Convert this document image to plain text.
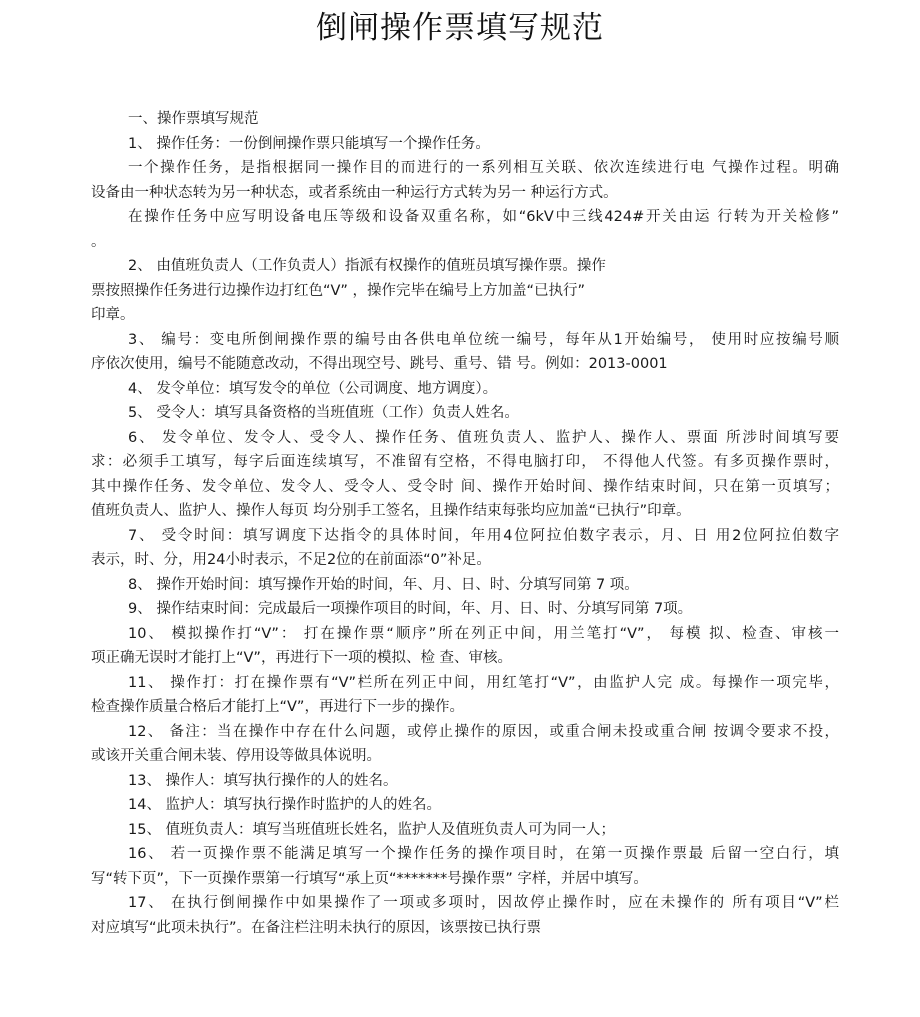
倒闸操作票填写规范
一、操作票填写规范
1、 操作任务：一份倒闸操作票只能填写一个操作任务。
一个操作任务，是指根据同一操作目的而进行的一系列相互关联、依次连续进行电 气操作过程。明确
设备由一种状态转为另一种状态，或者系统由一种运行方式转为另一 种运行方式。
在操作任务中应写明设备电压等级和设备双重名称，如“6kV中三线424#开关由运 行转为开关检修”
。
2、 由值班负责人（工作负责人）指派有权操作的值班员填写操作票。操作
票按照操作任务进行边操作边打红色“V” ，操作完毕在编号上方加盖“已执行”
印章。
3、 编号：变电所倒闸操作票的编号由各供电单位统一编号，每年从1开始编号， 使用时应按编号顺
序依次使用，编号不能随意改动，不得出现空号、跳号、重号、错 号。例如：2013-0001
4、 发令单位：填写发令的单位（公司调度、地方调度）。
5、 受令人：填写具备资格的当班值班（工作）负责人姓名。
6、 发令单位、发令人、受令人、操作任务、值班负责人、监护人、操作人、票面 所涉时间填写要
求：必须手工填写，每字后面连续填写，不准留有空格，不得电脑打印， 不得他人代签。有多页操作票时，
其中操作任务、发令单位、发令人、受令人、受令时 间、操作开始时间、操作结束时间，只在第一页填写；
值班负责人、监护人、操作人每页 均分别手工签名，且操作结束每张均应加盖“已执行”印章。
7、 受令时间：填写调度下达指令的具体时间，年用4位阿拉伯数字表示，月、日 用2位阿拉伯数字
表示，时、分，用24小时表示，不足2位的在前面添“0”补足。
8、 操作开始时间：填写操作开始的时间，年、月、日、时、分填写同第 7 项。
9、 操作结束时间：完成最后一项操作项目的时间，年、月、日、时、分填写同第 7项。
10、 模拟操作打“V”： 打在操作票“顺序”所在列正中间，用兰笔打“V”， 每模 拟、检查、审核一
项正确无误时才能打上“V”，再进行下一项的模拟、检 查、审核。
11、 操作打：打在操作票有“V”栏所在列正中间，用红笔打“V”，由监护人完 成。每操作一项完毕，
检查操作质量合格后才能打上“V”，再进行下一步的操作。
12、 备注：当在操作中存在什么问题，或停止操作的原因，或重合闸未投或重合闸 按调令要求不投，
或该开关重合闸未装、停用设等做具体说明。
13、 操作人：填写执行操作的人的姓名。
14、 监护人：填写执行操作时监护的人的姓名。
15、 值班负责人：填写当班值班长姓名，监护人及值班负责人可为同一人；
16、 若一页操作票不能满足填写一个操作任务的操作项目时，在第一页操作票最 后留一空白行，填
写“转下页”，下一页操作票第一行填写“承上页“*******号操作票” 字样，并居中填写。
17、 在执行倒闸操作中如果操作了一项或多项时，因故停止操作时，应在未操作的 所有项目“V”栏
对应填写“此项未执行”。在备注栏注明未执行的原因，该票按已执行票
